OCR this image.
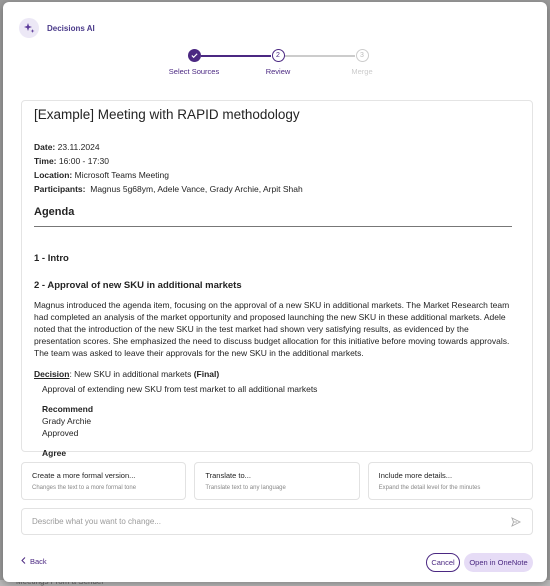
Decisions AI
Select Sources
2
Review
3
Merge
[Example] Meeting with RAPID methodology
Date: 23.11.2024
Time: 16:00 - 17:30
Location: Microsoft Teams Meeting
Participants: Magnus 5g68ym, Adele Vance, Grady Archie, Arpit Shah
Agenda
1 - Intro
2 - Approval of new SKU in additional markets
Magnus introduced the agenda item, focusing on the approval of a new SKU in additional markets. The Market Research team had completed an analysis of the market opportunity and proposed launching the new SKU in these additional markets. Adele noted that the introduction of the new SKU in the test market had shown very satisfying results, as evidenced by the presentation scores. She emphasized the need to discuss budget allocation for this initiative before moving towards approvals. The team was asked to leave their approvals for the new SKU in the additional markets.
Decision: New SKU in additional markets (Final)
Approval of extending new SKU from test market to all additional markets
Recommend
Grady Archie
Approved
Agree
Create a more formal version...
Changes the text to a more formal tone
Translate to...
Translate text to any language
Include more details...
Expand the detail level for the minutes
Describe what you want to change...
Back	Cancel	Open in OneNote
